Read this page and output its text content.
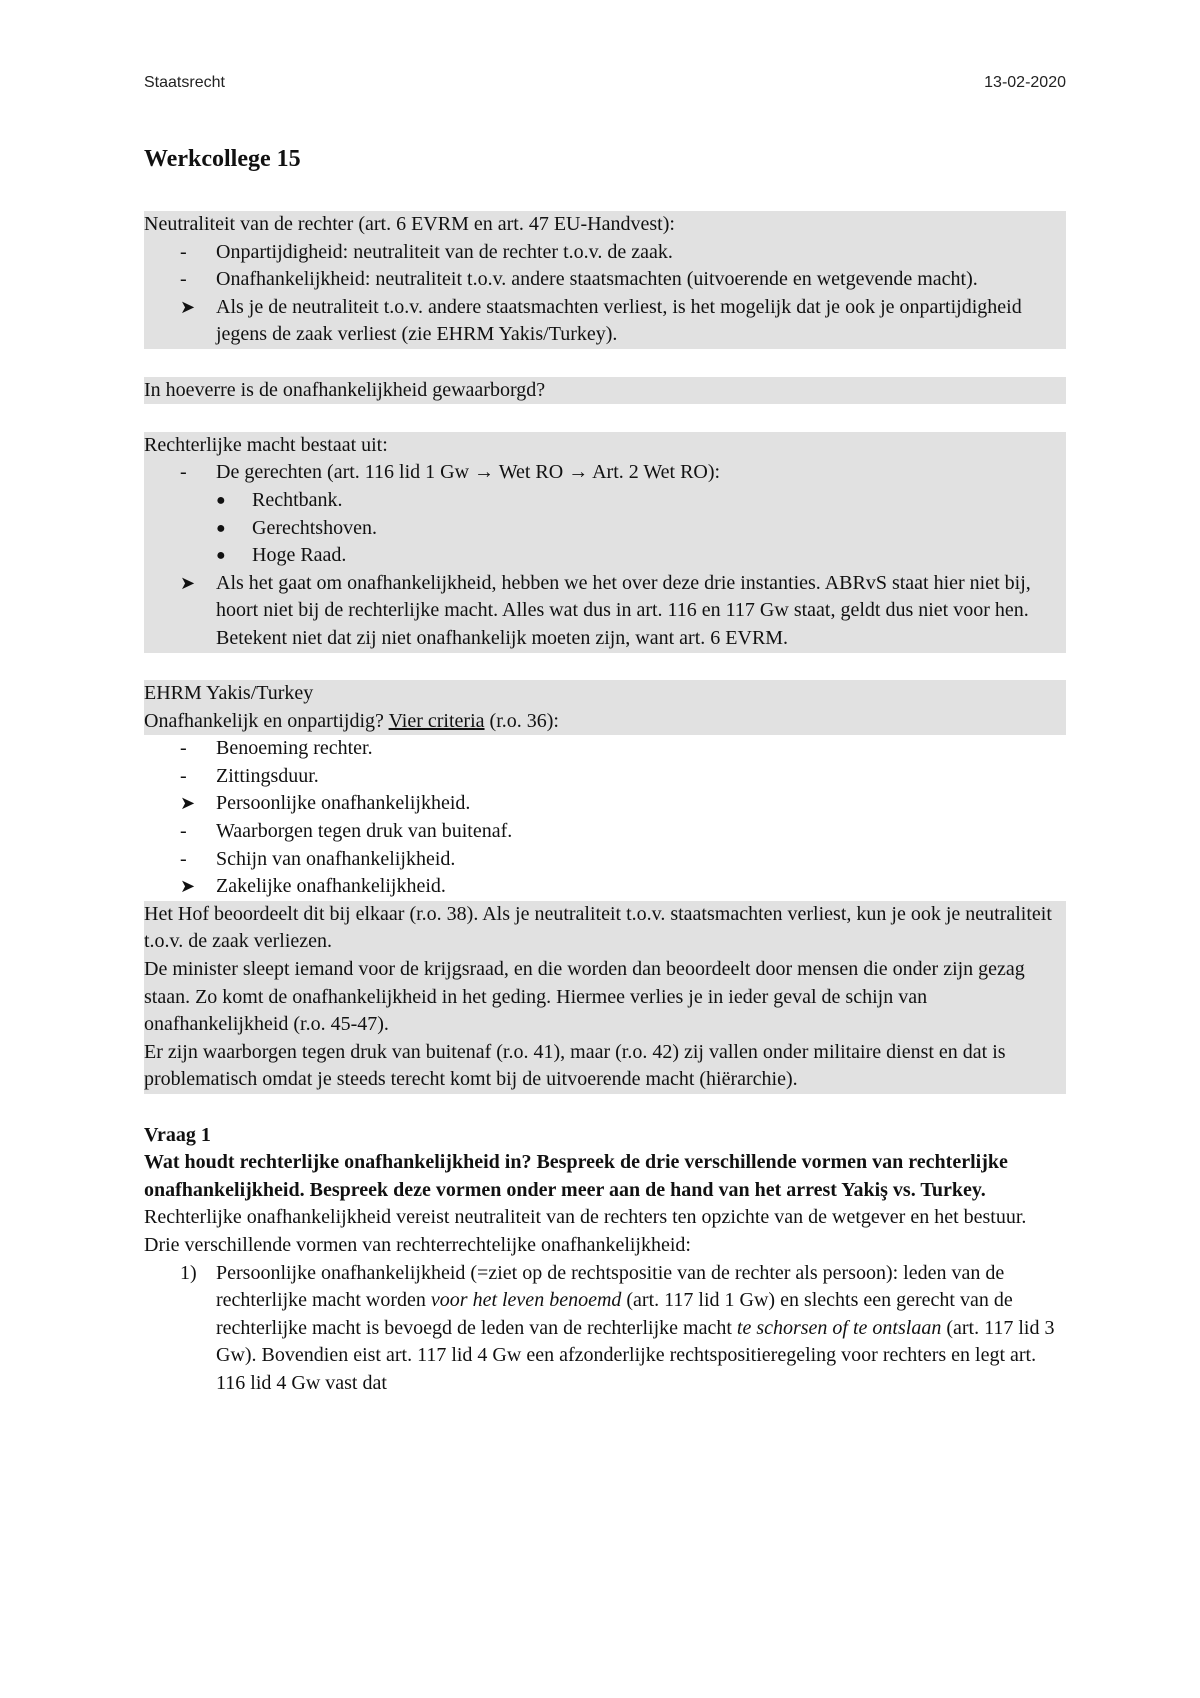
Staatsrecht	13-02-2020
Werkcollege 15
Neutraliteit van de rechter (art. 6 EVRM en art. 47 EU-Handvest):
-	Onpartijdigheid: neutraliteit van de rechter t.o.v. de zaak.
-	Onafhankelijkheid: neutraliteit t.o.v. andere staatsmachten (uitvoerende en wetgevende macht).
➤	Als je de neutraliteit t.o.v. andere staatsmachten verliest, is het mogelijk dat je ook je onpartijdigheid jegens de zaak verliest (zie EHRM Yakis/Turkey).
In hoeverre is de onafhankelijkheid gewaarborgd?
Rechterlijke macht bestaat uit:
-	De gerechten (art. 116 lid 1 Gw → Wet RO → Art. 2 Wet RO):
●	Rechtbank.
●	Gerechtshoven.
●	Hoge Raad.
➤	Als het gaat om onafhankelijkheid, hebben we het over deze drie instanties. ABRvS staat hier niet bij, hoort niet bij de rechterlijke macht. Alles wat dus in art. 116 en 117 Gw staat, geldt dus niet voor hen. Betekent niet dat zij niet onafhankelijk moeten zijn, want art. 6 EVRM.
EHRM Yakis/Turkey
Onafhankelijk en onpartijdig? Vier criteria (r.o. 36):
-	Benoeming rechter.
-	Zittingsduur.
➤	Persoonlijke onafhankelijkheid.
-	Waarborgen tegen druk van buitenaf.
-	Schijn van onafhankelijkheid.
➤	Zakelijke onafhankelijkheid.
Het Hof beoordeelt dit bij elkaar (r.o. 38). Als je neutraliteit t.o.v. staatsmachten verliest, kun je ook je neutraliteit t.o.v. de zaak verliezen.
De minister sleept iemand voor de krijgsraad, en die worden dan beoordeelt door mensen die onder zijn gezag staan. Zo komt de onafhankelijkheid in het geding. Hiermee verlies je in ieder geval de schijn van onafhankelijkheid (r.o. 45-47).
Er zijn waarborgen tegen druk van buitenaf (r.o. 41), maar (r.o. 42) zij vallen onder militaire dienst en dat is problematisch omdat je steeds terecht komt bij de uitvoerende macht (hiërarchie).
Vraag 1
Wat houdt rechterlijke onafhankelijkheid in? Bespreek de drie verschillende vormen van rechterlijke onafhankelijkheid. Bespreek deze vormen onder meer aan de hand van het arrest Yakiş vs. Turkey.
Rechterlijke onafhankelijkheid vereist neutraliteit van de rechters ten opzichte van de wetgever en het bestuur.
Drie verschillende vormen van rechterrechtelijke onafhankelijkheid:
1) Persoonlijke onafhankelijkheid (=ziet op de rechtspositie van de rechter als persoon): leden van de rechterlijke macht worden voor het leven benoemd (art. 117 lid 1 Gw) en slechts een gerecht van de rechterlijke macht is bevoegd de leden van de rechterlijke macht te schorsen of te ontslaan (art. 117 lid 3 Gw). Bovendien eist art. 117 lid 4 Gw een afzonderlijke rechtspositieregeling voor rechters en legt art. 116 lid 4 Gw vast dat
